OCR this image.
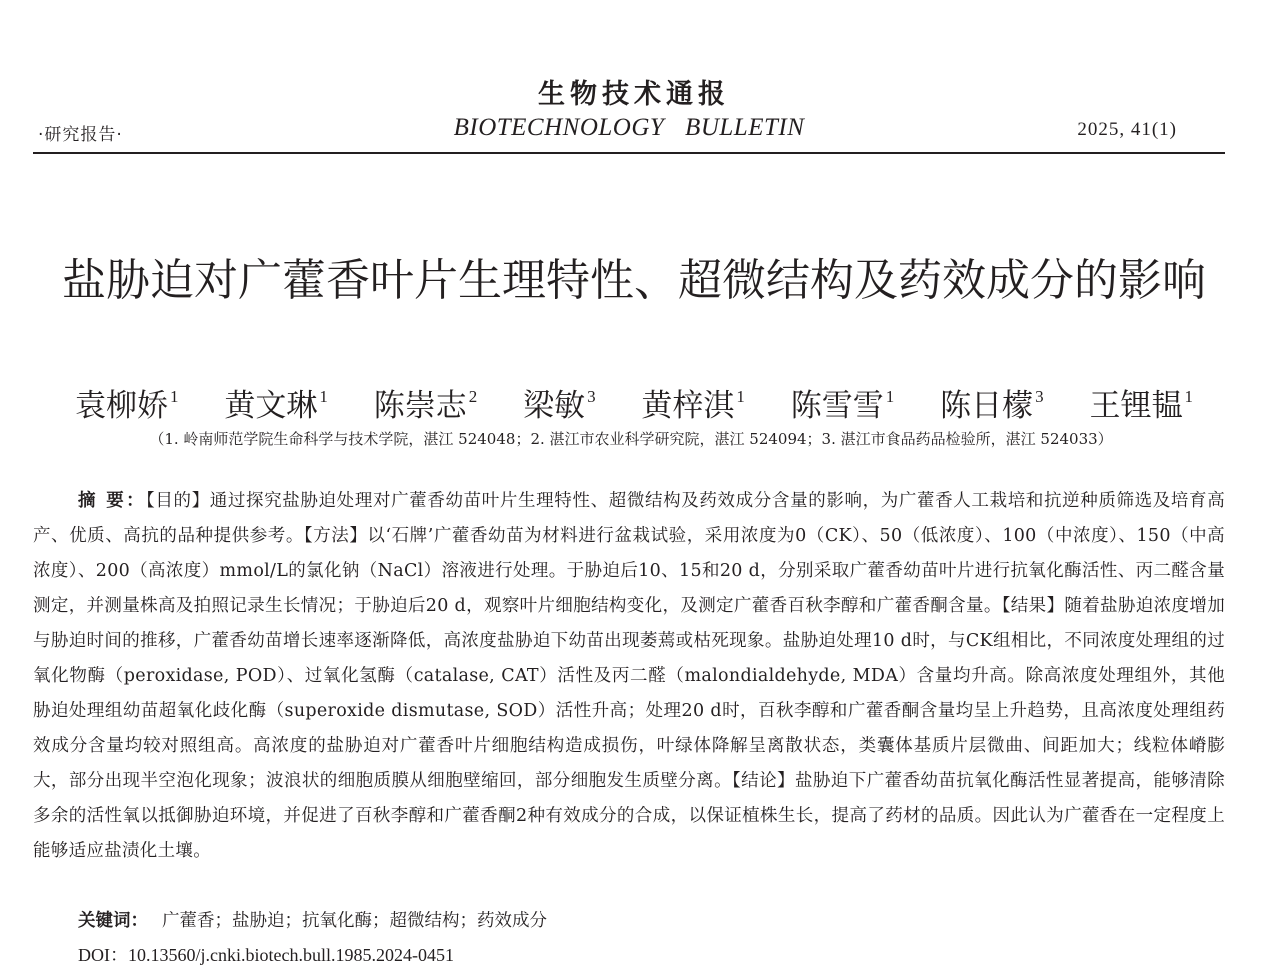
生物技术通报
·研究报告·	BIOTECHNOLOGY BULLETIN	2025, 41(1)
盐胁迫对广藿香叶片生理特性、超微结构及药效成分的影响
袁柳娇 $^1$ 黄文琳 $^1$ 陈崇志 $^2$ 梁敏 $^3$ 黄梓淇 $^1$ 陈雪雪 $^1$ 陈日檬 $^3$ 王锂韫 $^1$
（1. 岭南师范学院生命科学与技术学院，湛江 524048；2. 湛江市农业科学研究院，湛江 524094；3. 湛江市食品药品检验所，湛江 524033）
摘 要：【目的】通过探究盐胁迫处理对广藿香幼苗叶片生理特性、超微结构及药效成分含量的影响，为广藿香人工栽培和抗逆种质筛选及培育高产、优质、高抗的品种提供参考。【方法】以‘石牌’广藿香幼苗为材料进行盆栽试验，采用浓度为0（CK）、50（低浓度）、100（中浓度）、150（中高浓度）、200（高浓度）mmol/L的氯化钠（NaCl）溶液进行处理。于胁迫后10、15和20 d，分别采取广藿香幼苗叶片进行抗氧化酶活性、丙二醛含量测定，并测量株高及拍照记录生长情况；于胁迫后20 d，观察叶片细胞结构变化，及测定广藿香百秋李醇和广藿香酮含量。【结果】随着盐胁迫浓度增加与胁迫时间的推移，广藿香幼苗增长速率逐渐降低，高浓度盐胁迫下幼苗出现萎蔫或枯死现象。盐胁迫处理10 d时，与CK组相比，不同浓度处理组的过氧化物酶（peroxidase, POD）、过氧化氢酶（catalase, CAT）活性及丙二醛（malondialdehyde, MDA）含量均升高。除高浓度处理组外，其他胁迫处理组幼苗超氧化歧化酶（superoxide dismutase, SOD）活性升高；处理20 d时，百秋李醇和广藿香酮含量均呈上升趋势，且高浓度处理组药效成分含量均较对照组高。高浓度的盐胁迫对广藿香叶片细胞结构造成损伤，叶绿体降解呈离散状态，类囊体基质片层微曲、间距加大；线粒体嵴膨大，部分出现半空泡化现象；波浪状的细胞质膜从细胞壁缩回，部分细胞发生质壁分离。【结论】盐胁迫下广藿香幼苗抗氧化酶活性显著提高，能够清除多余的活性氧以抵御胁迫环境，并促进了百秋李醇和广藿香酮2种有效成分的合成，以保证植株生长，提高了药材的品质。因此认为广藿香在一定程度上能够适应盐渍化土壤。
关键词： 广藿香；盐胁迫；抗氧化酶；超微结构；药效成分
DOI：10.13560/j.cnki.biotech.bull.1985.2024-0451
